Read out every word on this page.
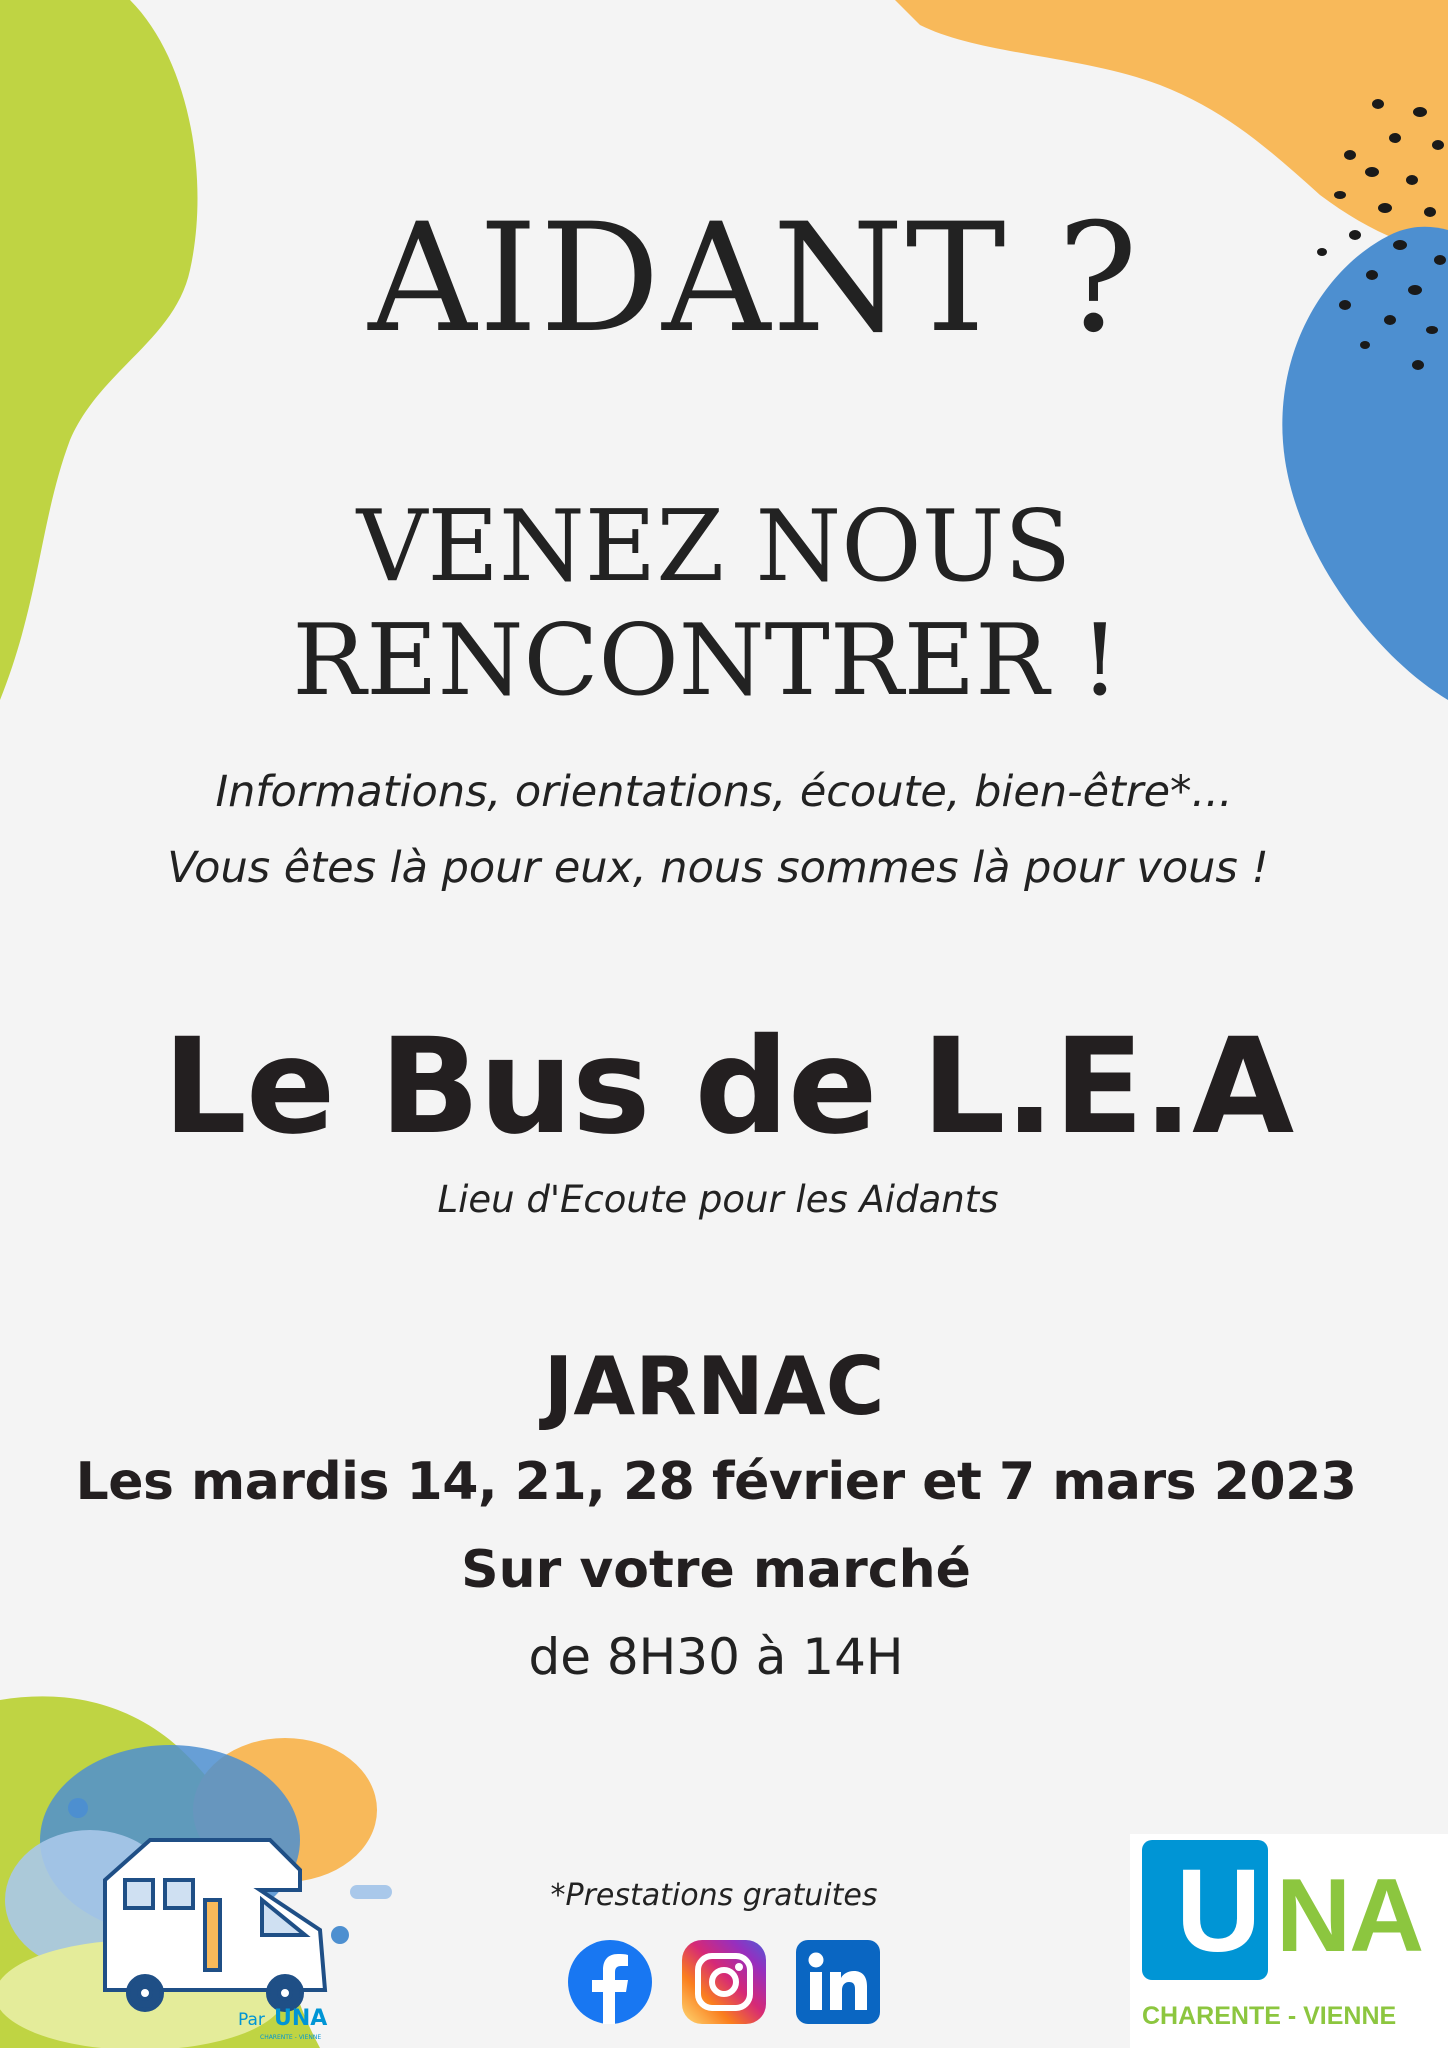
AIDANT ?
VENEZ NOUS
RENCONTRER !
Informations, orientations, écoute, bien-être*...
Vous êtes là pour eux, nous sommes là pour vous !
Le Bus de L.E.A
Lieu d'Ecoute pour les Aidants
JARNAC
Les mardis 14, 21, 28 février et 7 mars 2023
Sur votre marché
de 8H30 à 14H
*Prestations gratuites
Par UNA
CHARENTE - VIENNE
U NA
CHARENTE - VIENNE
